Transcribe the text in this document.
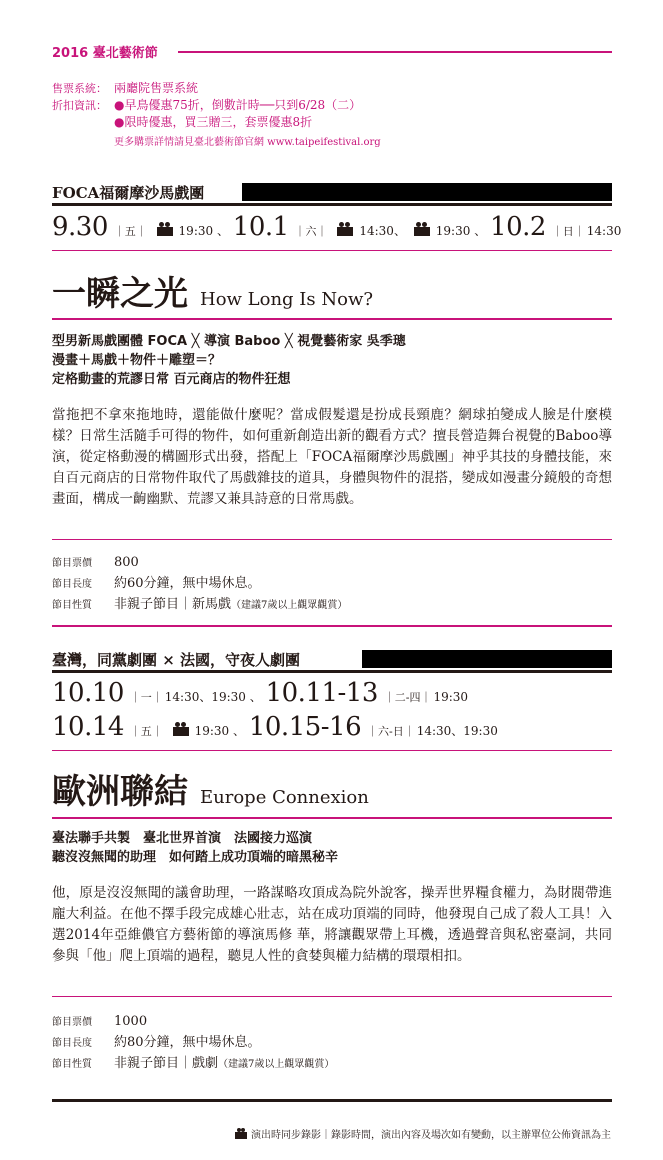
2016 臺北藝術節
售票系統： 兩廳院售票系統
折扣資訊： ●早鳥優惠75折，倒數計時──只到6/28（二）
●限時優惠，買三贈三，套票優惠8折
更多購票詳情請見臺北藝術節官網 www.taipeifestival.org
FOCA福爾摩沙馬戲團
9.30 ｜五｜	19:30 、 10.1 ｜六｜	14:30、 19:30 、 10.2 ｜日｜ 14:30
一瞬之光 How Long Is Now?
型男新馬戲團體 FOCA ╳ 導演 Baboo ╳ 視覺藝術家 吳季璁
漫畫＋馬戲＋物件＋雕塑＝？
定格動畫的荒謬日常 百元商店的物件狂想
當拖把不拿來拖地時，還能做什麼呢？當成假髮還是扮成長頸鹿？網球拍變成人臉是什麼模樣？日常生活隨手可得的物件，如何重新創造出新的觀看方式？擅長營造舞台視覺的Baboo導演，從定格動漫的構圖形式出發，搭配上「FOCA福爾摩沙馬戲團」神乎其技的身體技能，來自百元商店的日常物件取代了馬戲雜技的道具，身體與物件的混搭，變成如漫畫分鏡般的奇想畫面，構成一齣幽默、荒謬又兼具詩意的日常馬戲。
節目票價 800
節目長度 約60分鐘，無中場休息。
節目性質 非親子節目｜新馬戲（建議7歲以上觀眾觀賞）
臺灣，同黨劇團 × 法國，守夜人劇團
10.10 ｜一｜ 14:30、19:30 、 10.11-13 ｜二-四｜ 19:30
10.14 ｜五｜	19:30 、 10.15-16 ｜六-日｜ 14:30、19:30
歐洲聯結 Europe Connexion
臺法聯手共製　臺北世界首演　法國接力巡演
聽沒沒無聞的助理　如何踏上成功頂端的暗黑秘辛
他，原是沒沒無聞的議會助理，一路謀略攻頂成為院外說客，操弄世界糧食權力，為財閥帶進龐大利益。在他不擇手段完成雄心壯志，站在成功頂端的同時，他發現自己成了殺人工具！入選2014年亞維儂官方藝術節的導演馬修 華，將讓觀眾帶上耳機，透過聲音與私密臺詞，共同參與「他」爬上頂端的過程，聽見人性的貪婪與權力結構的環環相扣。
節目票價 1000
節目長度 約80分鐘，無中場休息。
節目性質 非親子節目｜戲劇（建議7歲以上觀眾觀賞）
演出時同步錄影｜錄影時間，演出內容及場次如有變動，以主辦單位公佈資訊為主
